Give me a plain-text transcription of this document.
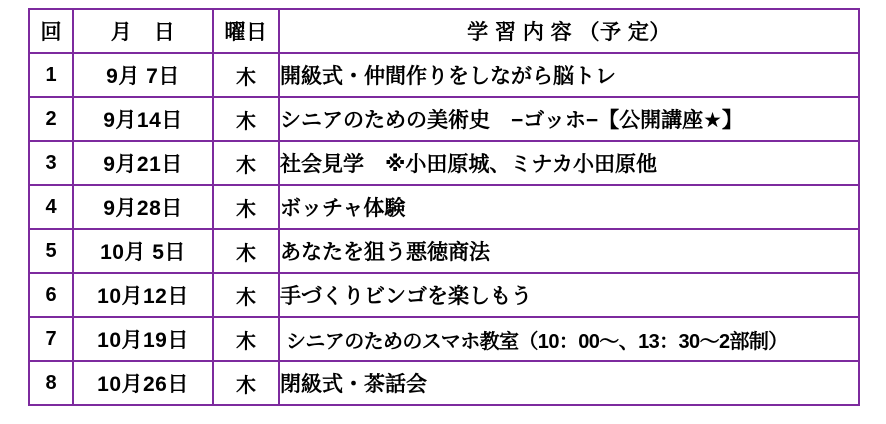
回	月　日	曜日	学 習 内 容 （予 定）
1	9月 7日	木	開級式・仲間作りをしながら脳トレ
2	9月14日	木	シニアのための美術史　−ゴッホ−【公開講座★】
3	9月21日	木	社会見学　※小田原城、ミナカ小田原他
4	9月28日	木	ボッチャ体験
5	10月 5日	木	あなたを狙う悪徳商法
6	10月12日	木	手づくりビンゴを楽しもう
7	10月19日	木	シニアのためのスマホ教室（10：00〜、13：30〜2部制）
8	10月26日	木	閉級式・茶話会
